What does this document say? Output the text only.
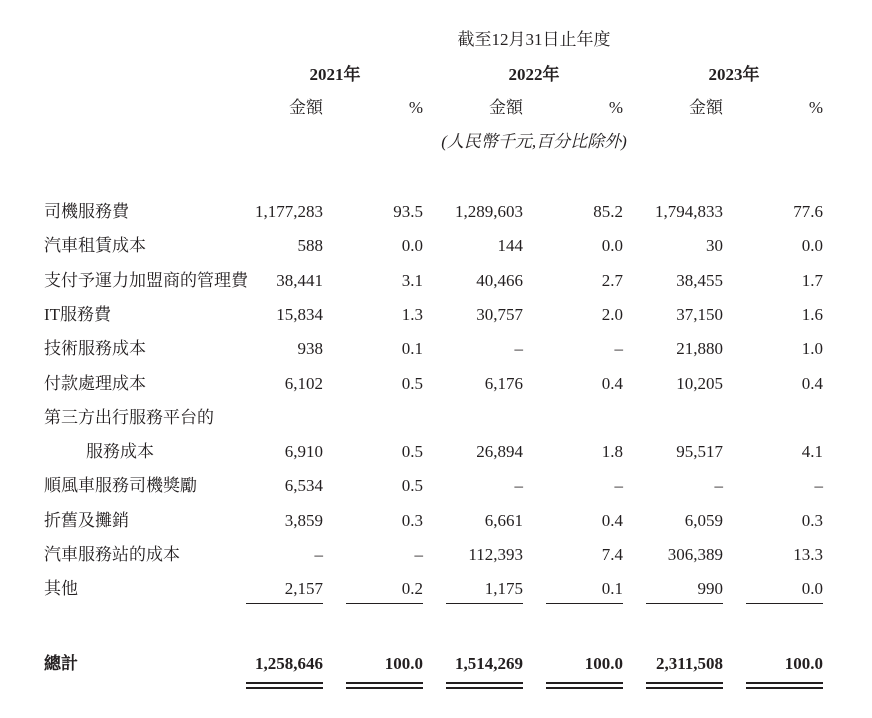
截至12月31日止年度
2021年	2022年	2023年
金額	%	金額	%	金額	%
(人民幣千元,百分比除外)
司機服務費	1,177,283	93.5	1,289,603	85.2	1,794,833	77.6
汽車租賃成本	588	0.0	144	0.0	30	0.0
支付予運力加盟商的管理費	38,441	3.1	40,466	2.7	38,455	1.7
IT服務費	15,834	1.3	30,757	2.0	37,150	1.6
技術服務成本	938	0.1	–	–	21,880	1.0
付款處理成本	6,102	0.5	6,176	0.4	10,205	0.4
第三方出行服務平台的
服務成本	6,910	0.5	26,894	1.8	95,517	4.1
順風車服務司機獎勵	6,534	0.5	–	–	–	–
折舊及攤銷	3,859	0.3	6,661	0.4	6,059	0.3
汽車服務站的成本	–	–	112,393	7.4	306,389	13.3
其他	2,157	0.2	1,175	0.1	990	0.0
總計	1,258,646	100.0	1,514,269	100.0	2,311,508	100.0
